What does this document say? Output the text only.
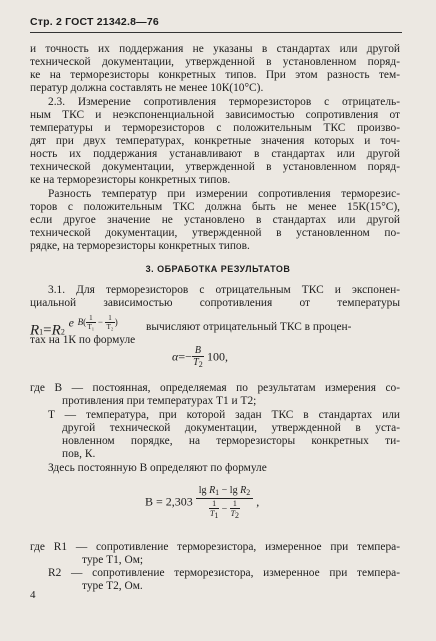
Стр. 2 ГОСТ 21342.8—76
и точность их поддержания не указаны в стандартах или другой
технической документации, утвержденной в установленном поряд-
ке на терморезисторы конкретных типов. При этом разность тем-
ператур должна составлять не менее 10К(10°С).
2.3. Измерение сопротивления терморезисторов с отрицатель-
ным ТКС и неэкспоненциальной зависимостью сопротивления от
температуры и терморезисторов с положительным ТКС произво-
дят при двух температурах, конкретные значения которых и точ-
ность их поддержания устанавливают в стандартах или другой
технической документации, утвержденной в установленном поряд-
ке на терморезисторы конкретных типов.
Разность температур при измерении сопротивления терморезис-
торов с положительным ТКС должна быть не менее 15К(15°С),
если другое значение не установлено в стандартах или другой
технической документации, утвержденной в установленном по-
рядке, на терморезисторы конкретных типов.
3. ОБРАБОТКА РЕЗУЛЬТАТОВ
3.1. Для терморезисторов с отрицательным ТКС и экспонен-
циальной зависимостью сопротивления от температуры
R1=R2 $^e$ $^{B( \frac{1}{\text{T₁}} - \frac{1}{\text{T₂}} )}$ вычисляют отрицательный ТКС в процен-
тах на 1К по формуле
$\alpha=- \frac{B}{T_2} 100$,
где B — постоянная, определяемая по результатам измерения со-
противления при температурах T1 и T2;
T — температура, при которой задан ТКС в стандартах или
другой технической документации, утвержденной в уста-
новленном порядке, на терморезисторы конкретных ти-
пов, К.
Здесь постоянную B определяют по формуле
$B = 2,303 \frac{\lg R_1 - \lg R_2}{\frac{1}{T1} - \frac{1}{T2}}$ ,
где R1 — сопротивление терморезистора, измеренное при темпера-
туре T1, Ом;
R2 — сопротивление терморезистора, измеренное при темпера-
туре T2, Ом.
4
